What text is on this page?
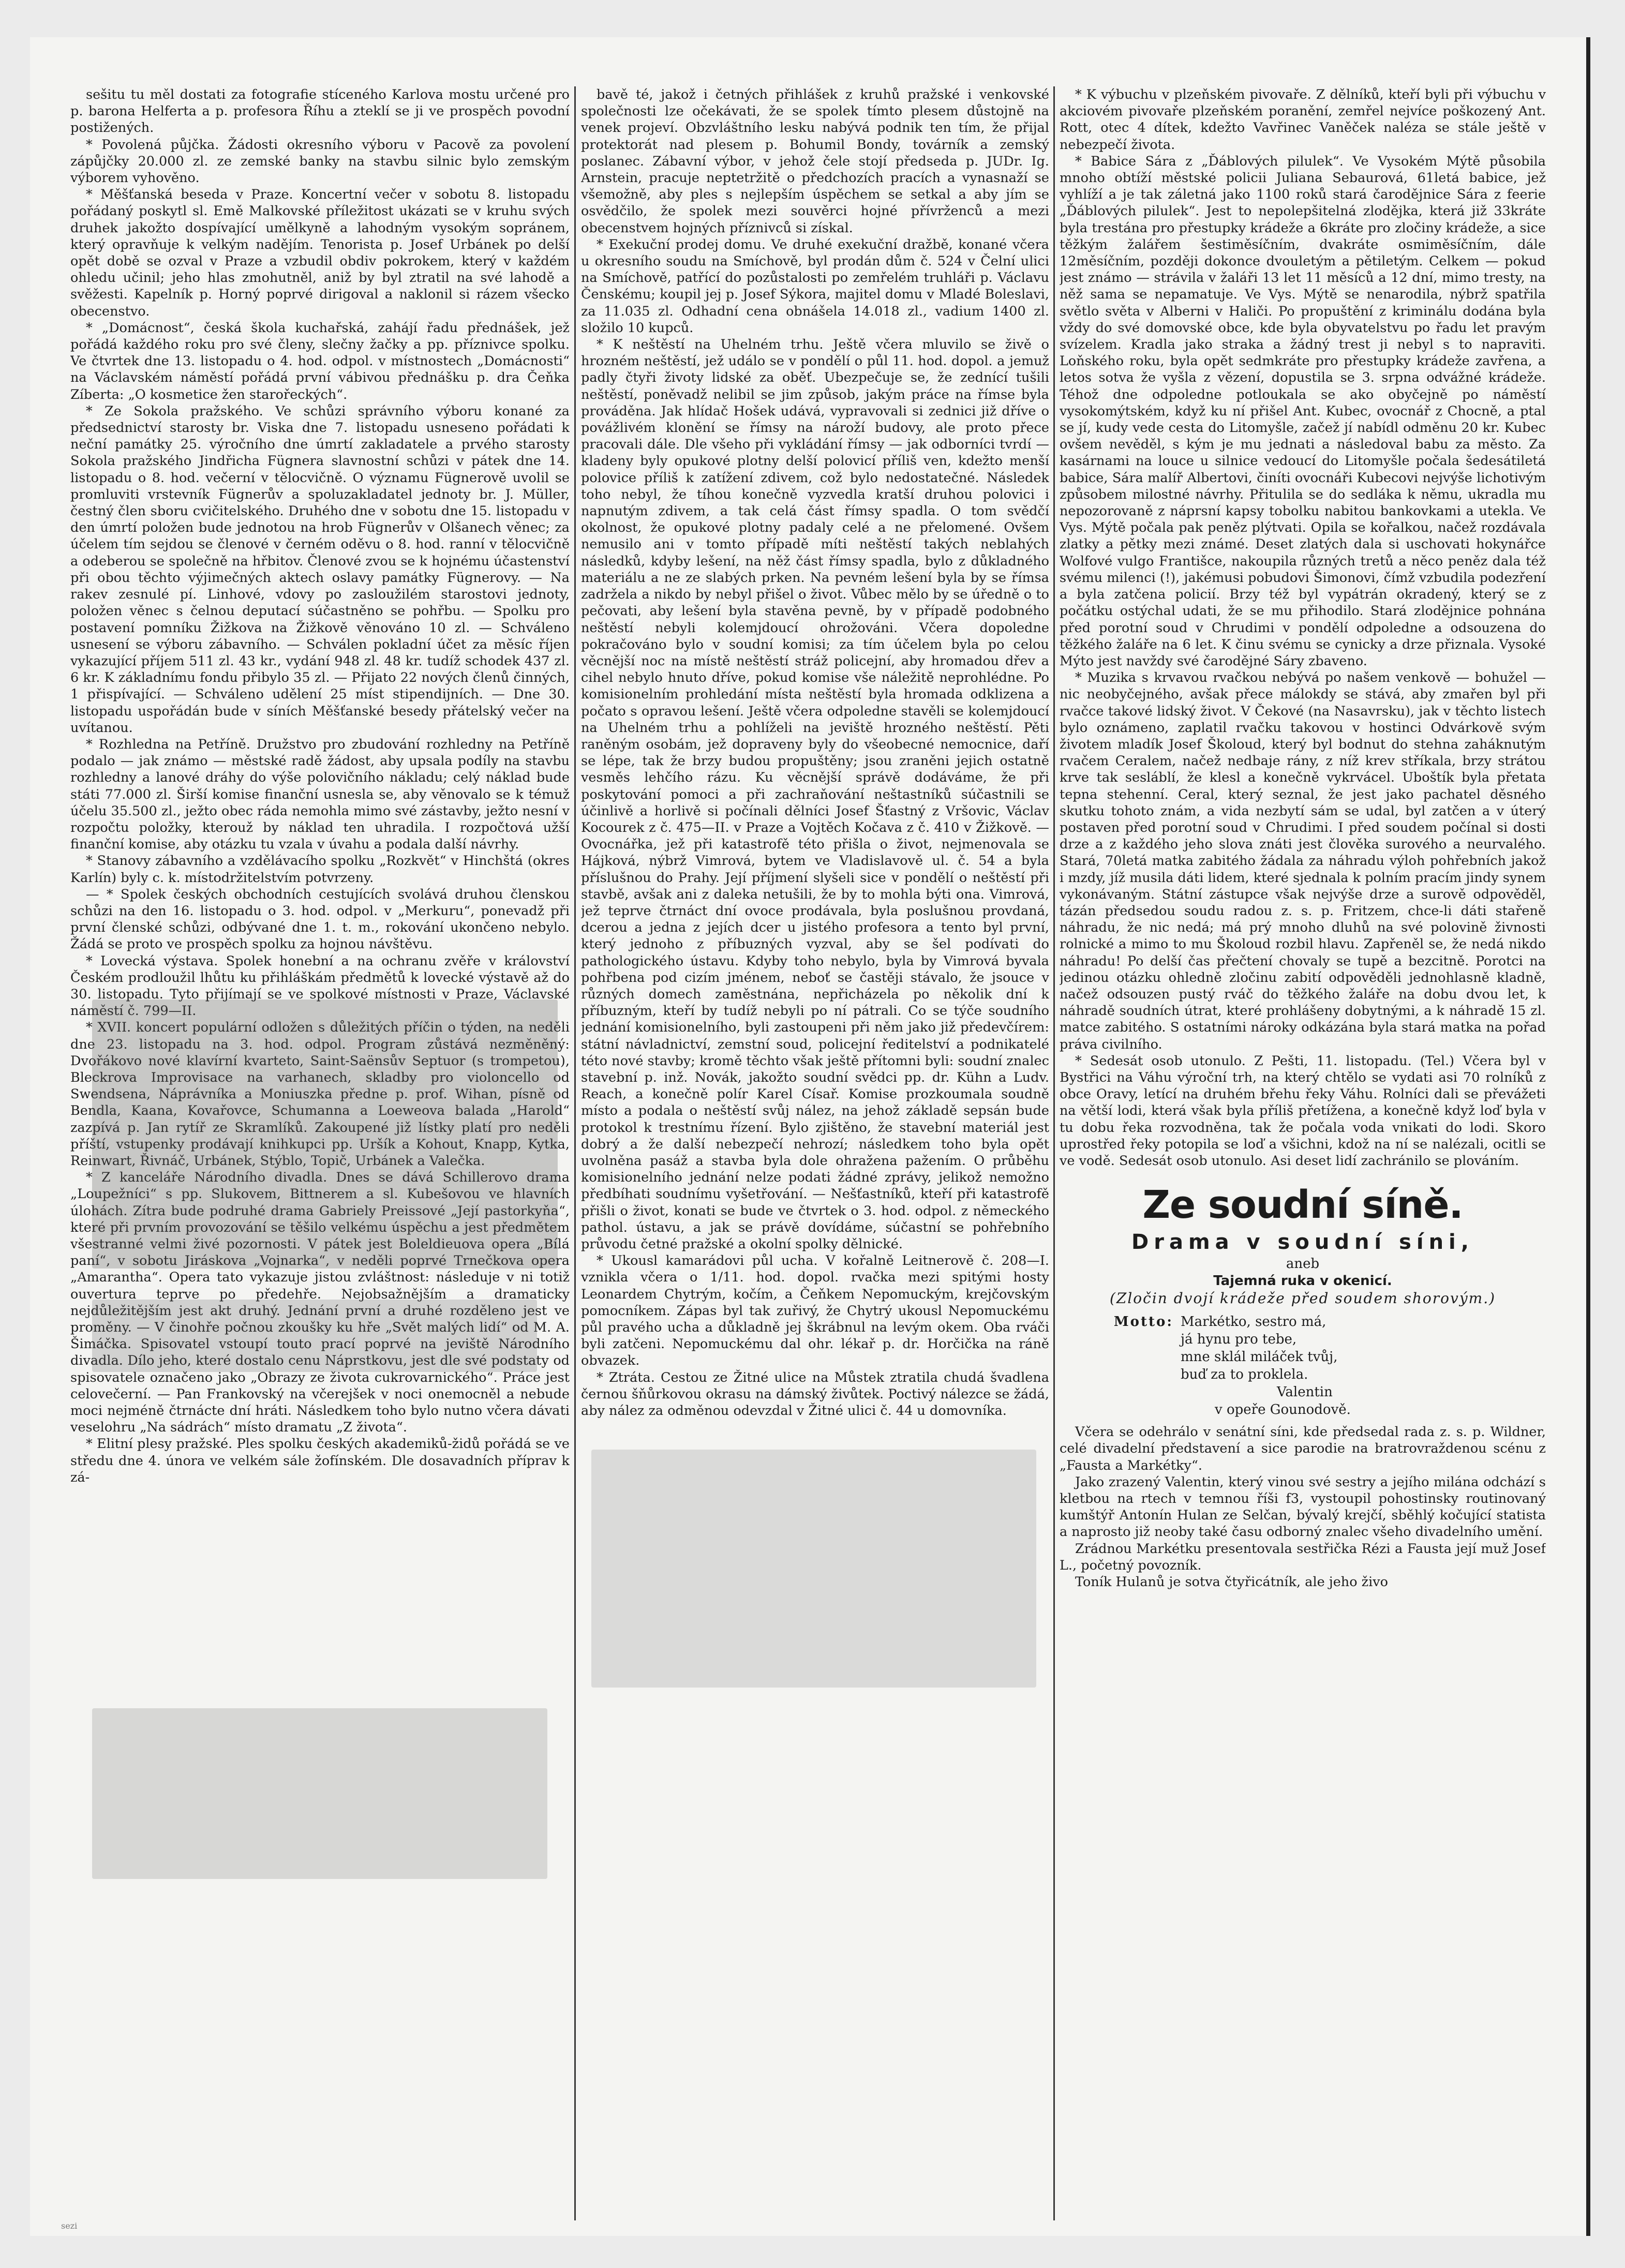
sešitu tu měl dostati za fotografie stíceného Karlova mostu určené pro p. barona Helferta a p. profesora Říhu a zteklí se ji ve prospěch povodní postižených.

* Povolená půjčka. Žádosti okresního výboru v Pacově za povolení zápůjčky 20.000 zl. ze zemské banky na stavbu silnic bylo zemským výborem vyhověno.

* Měšťanská beseda v Praze. Koncertní večer v sobotu 8. listopadu pořádaný poskytl sl. Emě Malkovské příležitost ukázati se v kruhu svých druhek jakožto dospívající umělkyně a lahodným vysokým sopránem, který opravňuje k velkým nadějím. Tenorista p. Josef Urbánek po delší opět době se ozval v Praze a vzbudil obdiv pokrokem, který v každém ohledu učinil; jeho hlas zmohutněl, aniž by byl ztratil na své lahodě a svěžesti. Kapelník p. Horný poprvé dirigoval a naklonil si rázem všecko obecenstvo.

* „Domácnost“, česká škola kuchařská, zahájí řadu přednášek, jež pořádá každého roku pro své členy, slečny žačky a pp. příznivce spolku. Ve čtvrtek dne 13. listopadu o 4. hod. odpol. v místnostech „Domácnosti“ na Václavském náměstí pořádá první vábivou přednášku p. dra Čeňka Zíberta: „O kosmetice žen starořeckých“.

* Ze Sokola pražského. Ve schůzi správního výboru konané za předsednictví starosty br. Viska dne 7. listopadu usneseno pořádati k neční památky 25. výročního dne úmrtí zakladatele a prvého starosty Sokola pražského Jindřicha Fügnera slavnostní schůzi v pátek dne 14. listopadu o 8. hod. večerní v tělocvičně. O významu Fügnerově uvolil se promluviti vrstevník Fügnerův a spoluzakladatel jednoty br. J. Müller, čestný člen sboru cvičitelského. Druhého dne v sobotu dne 15. listopadu v den úmrtí položen bude jednotou na hrob Fügnerův v Olšanech věnec; za účelem tím sejdou se členové v černém oděvu o 8. hod. ranní v tělocvičně a odeberou se společně na hřbitov. Členové zvou se k hojnému účastenství při obou těchto výjimečných aktech oslavy památky Fügnerovy. — Na rakev zesnulé pí. Linhové, vdovy po zasloužilém starostovi jednoty, položen věnec s čelnou deputací súčastněno se pohřbu. — Spolku pro postavení pomníku Žižkova na Žižkově věnováno 10 zl. — Schváleno usnesení se výboru zábavního. — Schválen pokladní účet za měsíc říjen vykazující příjem 511 zl. 43 kr., vydání 948 zl. 48 kr. tudíž schodek 437 zl. 6 kr. K základnímu fondu přibylo 35 zl. — Přijato 22 nových členů činných, 1 přispívající. — Schváleno udělení 25 míst stipendijních. — Dne 30. listopadu uspořádán bude v síních Měšťanské besedy přátelský večer na uvítanou.

* Rozhledna na Petříně. Družstvo pro zbudování rozhledny na Petříně podalo — jak známo — městské radě žádost, aby upsala podíly na stavbu rozhledny a lanové dráhy do výše polovičního nákladu; celý náklad bude státi 77.000 zl. Širší komise finanční usnesla se, aby věnovalo se k témuž účelu 35.500 zl., ježto obec ráda nemohla mimo své zástavby, ježto nesní v rozpočtu položky, kterouž by náklad ten uhradila. I rozpočtová užší finanční komise, aby otázku tu vzala v úvahu a podala další návrhy.

* Stanovy zábavního a vzdělávacího spolku „Rozkvět“ v Hinchštá (okres Karlín) byly c. k. místodržitelstvím potvrzeny.

— * Spolek českých obchodních cestujících svolává druhou členskou schůzi na den 16. listopadu o 3. hod. odpol. v „Merkuru“, ponevadž při první členské schůzi, odbývané dne 1. t. m., rokování ukončeno nebylo. Žádá se proto ve prospěch spolku za hojnou návštěvu.

* Lovecká výstava. Spolek honební a na ochranu zvěře v království Českém prodloužil lhůtu ku přihláškám předmětů k lovecké výstavě až do 30. listopadu. Tyto přijímají se ve spolkové místnosti v Praze, Václavské náměstí č. 799—II.

* XVII. koncert populární odložen s důležitých příčin o týden, na neděli dne 23. listopadu na 3. hod. odpol. Program zůstává nezměněný: Dvořákovo nové klavírní kvarteto, Saint-Saënsův Septuor (s trompetou), Bleckrova Improvisace na varhanech, skladby pro violoncello od Swendsena, Náprávníka a Moniuszka předne p. prof. Wihan, písně od Bendla, Kaana, Kovařovce, Schumanna a Loeweova balada „Harold“ zazpívá p. Jan rytíř ze Skramlíků. Zakoupené již lístky platí pro neděli příští, vstupenky prodávají knihkupci pp. Uršík a Kohout, Knapp, Kytka, Reinwart, Řivnáč, Urbánek, Stýblo, Topič, Urbánek a Valečka.

* Z kanceláře Národního divadla. Dnes se dává Schillerovo drama „Loupežníci“ s pp. Slukovem, Bittnerem a sl. Kubešovou ve hlavních úlohách. Zítra bude podruhé drama Gabriely Preissové „Její pastorkyňa“, které při prvním provozování se těšilo velkému úspěchu a jest předmětem všestranné velmi živé pozornosti. V pátek jest Boleldieuova opera „Bílá paní“, v sobotu Jiráskova „Vojnarka“, v neděli poprvé Trnečkova opera „Amarantha“. Opera tato vykazuje jistou zvláštnost: následuje v ni totiž ouvertura teprve po předehře. Nejobsažnějším a dramaticky nejdůležitějším jest akt druhý. Jednání první a druhé rozděleno jest ve proměny. — V činohře počnou zkoušky ku hře „Svět malých lidí“ od M. A. Šimáčka. Spisovatel vstoupí touto prací poprvé na jeviště Národního divadla. Dílo jeho, které dostalo cenu Náprstkovu, jest dle své podstaty od spisovatele označeno jako „Obrazy ze života cukrovarnického“. Práce jest celovečerní. — Pan Frankovský na včerejšek v noci onemocněl a nebude moci nejméně čtrnácte dní hráti. Následkem toho bylo nutno včera dávati veselohru „Na sádrách“ místo dramatu „Z života“.

* Elitní plesy pražské. Ples spolku českých akademiků-židů pořádá se ve středu dne 4. února ve velkém sále žofínském. Dle dosavadních příprav k zá-

bavě té, jakož i četných přihlášek z kruhů pražské i venkovské společnosti lze očekávati, že se spolek tímto plesem důstojně na venek projeví. Obzvláštního lesku nabývá podnik ten tím, že přijal protektorát nad plesem p. Bohumil Bondy, továrník a zemský poslanec. Zábavní výbor, v jehož čele stojí předseda p. JUDr. Ig. Arnstein, pracuje neptetržitě o předchozích pracích a vynasnaží se všemožně, aby ples s nejlepším úspěchem se setkal a aby jím se osvědčilo, že spolek mezi souvěrci hojné přívrženců a mezi obecenstvem hojných příznivců si získal.

* Exekuční prodej domu. Ve druhé exekuční dražbě, konané včera u okresního soudu na Smíchově, byl prodán dům č. 524 v Čelní ulici na Smíchově, patřící do pozůstalosti po zemřelém truhláři p. Václavu Čenskému; koupil jej p. Josef Sýkora, majitel domu v Mladé Boleslavi, za 11.035 zl. Odhadní cena obnášela 14.018 zl., vadium 1400 zl. složilo 10 kupců.

* K neštěstí na Uhelném trhu. Ještě včera mluvilo se živě o hrozném neštěstí, jež událo se v pondělí o půl 11. hod. dopol. a jemuž padly čtyři životy lidské za oběť. Ubezpečuje se, že zednící tušili neštěstí, poněvadž nelibil se jim způsob, jakým práce na římse byla prováděna. Jak hlídač Hošek udává, vypravovali si zednici již dříve o povážlivém klonění se římsy na nároží budovy, ale proto přece pracovali dále. Dle všeho při vykládání římsy — jak odborníci tvrdí — kladeny byly opukové plotny delší polovicí příliš ven, kdežto menší polovice příliš k zatížení zdivem, což bylo nedostatečné. Následek toho nebyl, že tíhou konečně vyzvedla kratší druhou polovici i napnutým zdivem, a tak celá část římsy spadla. O tom svědčí okolnost, že opukové plotny padaly celé a ne přelomené. Ovšem nemusilo ani v tomto případě míti neštěstí takých neblahých následků, kdyby lešení, na něž část římsy spadla, bylo z důkladného materiálu a ne ze slabých prken. Na pevném lešení byla by se římsa zadržela a nikdo by nebyl přišel o život. Vůbec mělo by se úředně o to pečovati, aby lešení byla stavěna pevně, by v případě podobného neštěstí nebyli kolemjdoucí ohrožováni. Včera dopoledne pokračováno bylo v soudní komisi; za tím účelem byla po celou věcnější noc na místě neštěstí stráž policejní, aby hromadou dřev a cihel nebylo hnuto dříve, pokud komise vše náležitě neprohlédne. Po komisionelním prohledání místa neštěstí byla hromada odklizena a počato s opravou lešení. Ještě včera odpoledne stavěli se kolemjdoucí na Uhelném trhu a pohlíželi na jeviště hrozného neštěstí. Pěti raněným osobám, jež dopraveny byly do všeobecné nemocnice, daří se lépe, tak že brzy budou propuštěny; jsou zraněni jejich ostatně vesměs lehčího rázu. Ku věcnější správě dodáváme, že při poskytování pomoci a při zachraňování neštastníků súčastnili se účinlivě a horlivě si počínali dělníci Josef Šťastný z Vršovic, Václav Kocourek z č. 475—II. v Praze a Vojtěch Kočava z č. 410 v Žižkově. — Ovocnářka, jež při katastrofě této přišla o život, nejmenovala se Hájková, nýbrž Vimrová, bytem ve Vladislavově ul. č. 54 a byla příslušnou do Prahy. Její příjmení slyšeli sice v pondělí o neštěstí při stavbě, avšak ani z daleka netušili, že by to mohla býti ona. Vimrová, jež teprve čtrnáct dní ovoce prodávala, byla poslušnou provdaná, dcerou a jedna z jejích dcer u jistého profesora a tento byl první, který jednoho z příbuzných vyzval, aby se šel podívati do pathologického ústavu. Kdyby toho nebylo, byla by Vimrová byvala pohřbena pod cizím jménem, neboť se častěji stávalo, že jsouce v různých domech zaměstnána, nepřicházela po několik dní k příbuzným, kteří by tudíž nebyli po ní pátrali. Co se týče soudního jednání komisionelního, byli zastoupeni při něm jako již předevčírem: státní návladnictví, zemstní soud, policejní ředitelství a podnikatelé této nové stavby; kromě těchto však ještě přítomni byli: soudní znalec stavební p. inž. Novák, jakožto soudní svědci pp. dr. Kühn a Ludv. Reach, a konečně polír Karel Císař. Komise prozkoumala soudně místo a podala o neštěstí svůj nález, na jehož základě sepsán bude protokol k trestnímu řízení. Bylo zjištěno, že stavební materiál jest dobrý a že další nebezpečí nehrozí; následkem toho byla opět uvolněna pasáž a stavba byla dole ohražena pažením. O průběhu komisionelního jednání nelze podati žádné zprávy, jelikož nemožno předbíhati soudnímu vyšetřování. — Nešťastníků, kteří při katastrofě přišli o život, konati se bude ve čtvrtek o 3. hod. odpol. z německého pathol. ústavu, a jak se právě dovídáme, súčastní se pohřebního průvodu četné pražské a okolní spolky dělnické.

* Ukousl kamarádovi půl ucha. V kořalně Leitnerově č. 208—I. vznikla včera o 1/11. hod. dopol. rvačka mezi spitými hosty Leonardem Chytrým, kočím, a Čeňkem Nepomuckým, krejčovským pomocníkem. Zápas byl tak zuřivý, že Chytrý ukousl Nepomuckému půl pravého ucha a důkladně jej škrábnul na levým okem. Oba rváči byli zatčeni. Nepomuckému dal ohr. lékař p. dr. Horčička na ráně obvazek.

* Ztráta. Cestou ze Žitné ulice na Můstek ztratila chudá švadlena černou šňůrkovou okrasu na dámský živůtek. Poctivý nálezce se žádá, aby nález za odměnou odevzdal v Žitné ulici č. 44 u domovníka.

* K výbuchu v plzeňském pivovaře. Z dělníků, kteří byli při výbuchu v akciovém pivovaře plzeňském poranění, zemřel nejvíce poškozený Ant. Rott, otec 4 dítek, kdežto Vavřinec Vaněček naléza se stále ještě v nebezpečí života.

* Babice Sára z „Ďáblových pilulek“. Ve Vysokém Mýtě působila mnoho obtíží městské policii Juliana Sebaurová, 61letá babice, jež vyhlíží a je tak záletná jako 1100 roků stará čarodějnice Sára z feerie „Ďáblových pilulek“. Jest to nepolepšitelná zlodějka, která již 33kráte byla trestána pro přestupky krádeže a 6kráte pro zločiny krádeže, a sice těžkým žalářem šestiměsíčním, dvakráte osmiměsíčním, dále 12měsíčním, později dokonce dvouletým a pětiletým. Celkem — pokud jest známo — strávila v žaláři 13 let 11 měsíců a 12 dní, mimo tresty, na něž sama se nepamatuje. Ve Vys. Mýtě se nenarodila, nýbrž spatřila světlo světa v Alberni v Haliči. Po propuštění z kriminálu dodána byla vždy do své domovské obce, kde byla obyvatelstvu po řadu let pravým svízelem. Kradla jako straka a žádný trest ji nebyl s to napraviti. Loňského roku, byla opět sedmkráte pro přestupky krádeže zavřena, a letos sotva že vyšla z vězení, dopustila se 3. srpna odvážné krádeže. Téhož dne odpoledne potloukala se ako obyčejně po náměstí vysokomýtském, když ku ní přišel Ant. Kubec, ovocnář z Chocně, a ptal se jí, kudy vede cesta do Litomyšle, začež jí nabídl odměnu 20 kr. Kubec ovšem nevěděl, s kým je mu jednati a následoval babu za město. Za kasárnami na louce u silnice vedoucí do Litomyšle počala šedesátiletá babice, Sára malíř Albertovi, činíti ovocnáři Kubecovi nejvýše lichotivým způsobem milostné návrhy. Přitulila se do sedláka k němu, ukradla mu nepozorovaně z náprsní kapsy tobolku nabitou bankovkami a utekla. Ve Vys. Mýtě počala pak peněz plýtvati. Opila se kořalkou, načež rozdávala zlatky a pětky mezi známé. Deset zlatých dala si uschovati hokynářce Wolfové vulgo Františce, nakoupila různých tretů a něco peněz dala též svému milenci (!), jakémusi pobudovi Šimonovi, čímž vzbudila podezření a byla zatčena policií. Brzy též byl vypátrán okradený, který se z počátku ostýchal udati, že se mu přihodilo. Stará zlodějnice pohnána před porotní soud v Chrudimi v pondělí odpoledne a odsouzena do těžkého žaláře na 6 let. K činu svému se cynicky a drze přiznala. Vysoké Mýto jest navždy své čarodějné Sáry zbaveno.

* Muzika s krvavou rvačkou nebývá po našem venkově — bohužel — nic neobyčejného, avšak přece málokdy se stává, aby zmařen byl při rvačce takové lidský život. V Čekové (na Nasavrsku), jak v těchto listech bylo oznámeno, zaplatil rvačku takovou v hostinci Odvárkově svým životem mladík Josef Školoud, který byl bodnut do stehna zaháknutým rvačem Ceralem, načež nedbaje rány, z níž krev stříkala, brzy strátou krve tak sesláblí, že klesl a konečně vykrvácel. Uboštík byla přetata tepna stehenní. Ceral, který seznal, že jest jako pachatel děsného skutku tohoto znám, a vida nezbytí sám se udal, byl zatčen a v úterý postaven před porotní soud v Chrudimi. I před soudem počínal si dosti drze a z každého jeho slova znáti jest člověka surového a neurvalého. Stará, 70letá matka zabitého žádala za náhradu výloh pohřebních jakož i mzdy, jíž musila dáti lidem, které sjednala k polním pracím jindy synem vykonávaným. Státní zástupce však nejvýše drze a surově odpověděl, tázán předsedou soudu radou z. s. p. Fritzem, chce-li dáti stařeně náhradu, že nic nedá; má prý mnoho dluhů na své polovině živnosti rolnické a mimo to mu Školoud rozbil hlavu. Zapřeněl se, že nedá nikdo náhradu! Po delší čas přečtení chovaly se tupě a bezcitně. Porotci na jedinou otázku ohledně zločinu zabití odpověděli jednohlasně kladně, načež odsouzen pustý rváč do těžkého žaláře na dobu dvou let, k náhradě soudních útrat, které prohlášeny dobytnými, a k náhradě 15 zl. matce zabitého. S ostatními nároky odkázána byla stará matka na pořad práva civilního.

* Sedesát osob utonulo. Z Pešti, 11. listopadu. (Tel.) Včera byl v Bystřici na Váhu výroční trh, na který chtělo se vydati asi 70 rolníků z obce Oravy, letící na druhém břehu řeky Váhu. Rolníci dali se převážeti na větší lodi, která však byla příliš přetížena, a konečně když loď byla v tu dobu řeka rozvodněna, tak že počala voda vnikati do lodi. Skoro uprostřed řeky potopila se loď a všichni, kdož na ní se nalézali, ocitli se ve vodě. Sedesát osob utonulo. Asi deset lidí zachránilo se plováním.

Ze soudní síně.
Drama v soudní síni,
aneb
Tajemná ruka v okenicí.
(Zločin dvojí krádeže před soudem shorovým.)
Motto: Markétko, sestro má,
já hynu pro tebe,
mne sklál miláček tvůj,
buď za to proklela.
Valentin
v opeře Gounodově.

Včera se odehrálo v senátní síni, kde předsedal rada z. s. p. Wildner, celé divadelní představení a sice parodie na bratrovraždenou scénu z „Fausta a Markétky“.

Jako zrazený Valentin, který vinou své sestry a jejího milána odchází s kletbou na rtech v temnou říši f3, vystoupil pohostinsky routinovaný kumštýř Antonín Hulan ze Selčan, bývalý krejčí, sběhlý kočující statista a naprosto již neoby také času odborný znalec všeho divadelního umění.

Zrádnou Markétku presentovala sestřička Rézi a Fausta její muž Josef L., početný povozník.

Toník Hulanů je sotva čtyřicátník, ale jeho živo

sezi
